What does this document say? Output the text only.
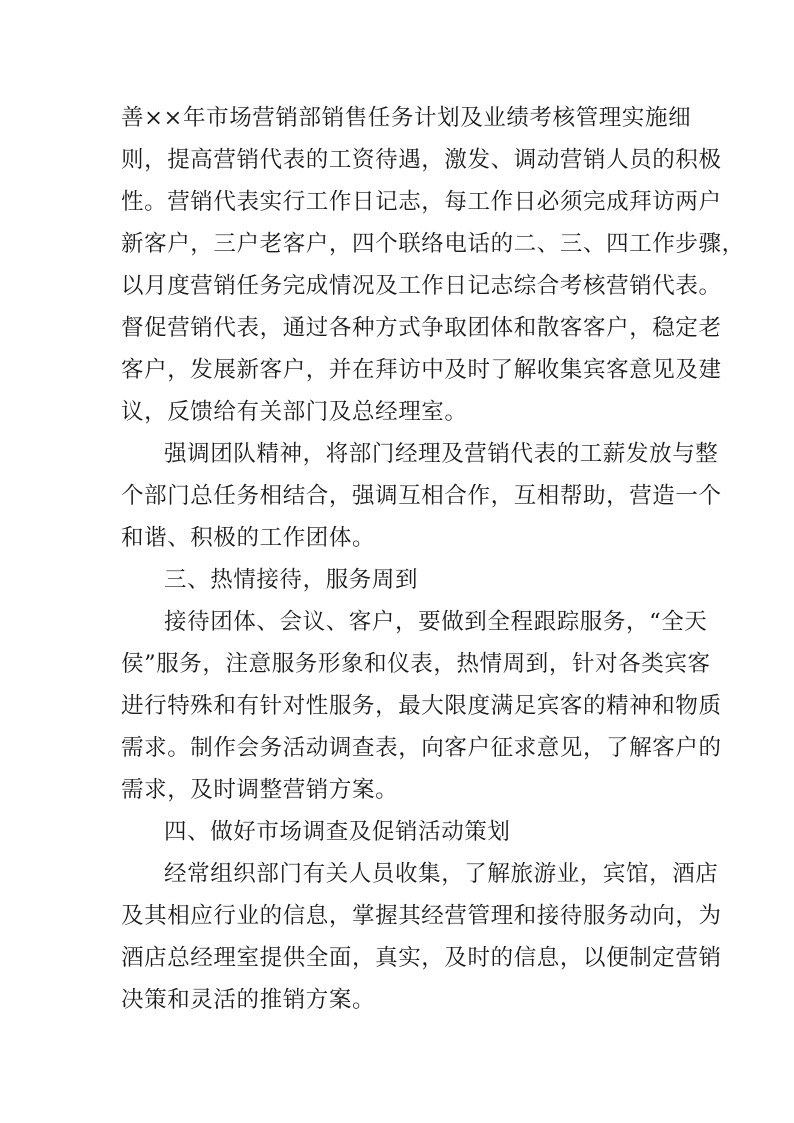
善××年市场营销部销售任务计划及业绩考核管理实施细
则，提高营销代表的工资待遇，激发、调动营销人员的积极
性。营销代表实行工作日记志，每工作日必须完成拜访两户
新客户，三户老客户，四个联络电话的二、三、四工作步骤，
以月度营销任务完成情况及工作日记志综合考核营销代表。
督促营销代表，通过各种方式争取团体和散客客户，稳定老
客户，发展新客户，并在拜访中及时了解收集宾客意见及建
议，反馈给有关部门及总经理室。
强调团队精神，将部门经理及营销代表的工薪发放与整
个部门总任务相结合，强调互相合作，互相帮助，营造一个
和谐、积极的工作团体。
三、热情接待，服务周到
接待团体、会议、客户，要做到全程跟踪服务，“全天
侯”服务，注意服务形象和仪表，热情周到，针对各类宾客
进行特殊和有针对性服务，最大限度满足宾客的精神和物质
需求。制作会务活动调查表，向客户征求意见，了解客户的
需求，及时调整营销方案。
四、做好市场调查及促销活动策划
经常组织部门有关人员收集，了解旅游业，宾馆，酒店
及其相应行业的信息，掌握其经营管理和接待服务动向，为
酒店总经理室提供全面，真实，及时的信息，以便制定营销
决策和灵活的推销方案。
